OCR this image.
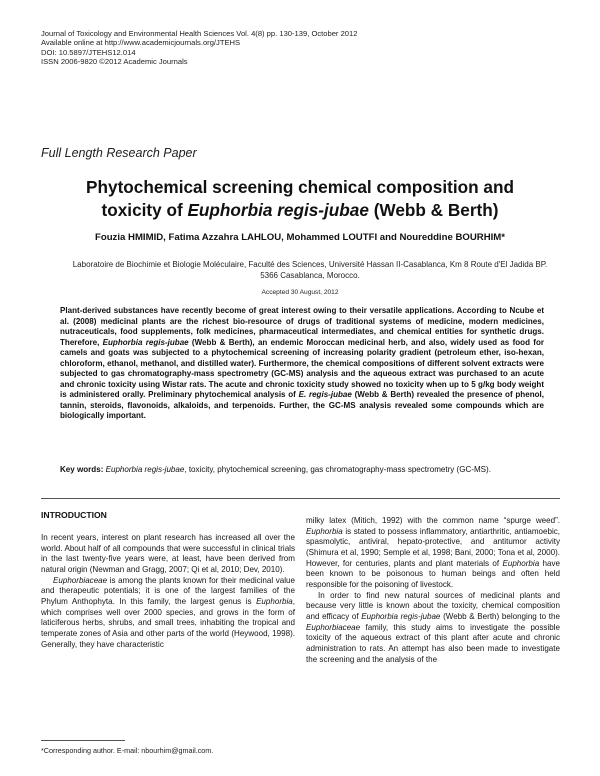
Journal of Toxicology and Environmental Health Sciences Vol. 4(8) pp. 130-139, October 2012
Available online at http://www.academicjournals.org/JTEHS
DOI: 10.5897/JTEHS12.014
ISSN 2006-9820 ©2012 Academic Journals
Full Length Research Paper
Phytochemical screening chemical composition and
toxicity of Euphorbia regis-jubae (Webb & Berth)
Fouzia HMIMID, Fatima Azzahra LAHLOU, Mohammed LOUTFI and Noureddine BOURHIM*
Laboratoire de Biochimie et Biologie Moléculaire, Faculté des Sciences, Université Hassan II-Casablanca, Km 8 Route d'El Jadida BP. 5366 Casablanca, Morocco.
Accepted 30 August, 2012
Plant-derived substances have recently become of great interest owing to their versatile applications. According to Ncube et al. (2008) medicinal plants are the richest bio-resource of drugs of traditional systems of medicine, modern medicines, nutraceuticals, food supplements, folk medicines, pharmaceutical intermediates, and chemical entities for synthetic drugs. Therefore, Euphorbia regis-jubae (Webb & Berth), an endemic Moroccan medicinal herb, and also, widely used as food for camels and goats was subjected to a phytochemical screening of increasing polarity gradient (petroleum ether, iso-hexan, chloroform, ethanol, methanol, and distilled water). Furthermore, the chemical compositions of different solvent extracts were subjected to gas chromatography-mass spectrometry (GC-MS) analysis and the aqueous extract was purchased to an acute and chronic toxicity using Wistar rats. The acute and chronic toxicity study showed no toxicity when up to 5 g/kg body weight is administered orally. Preliminary phytochemical analysis of E. regis-jubae (Webb & Berth) revealed the presence of phenol, tannin, steroids, flavonoids, alkaloids, and terpenoids. Further, the GC-MS analysis revealed some compounds which are biologically important.
Key words: Euphorbia regis-jubae, toxicity, phytochemical screening, gas chromatography-mass spectrometry (GC-MS).
INTRODUCTION

In recent years, interest on plant research has increased all over the world. About half of all compounds that were successful in clinical trials in the last twenty-five years were, at least, have been derived from natural origin (Newman and Gragg, 2007; Qi et al, 2010; Dev, 2010).

Euphorbiaceae is among the plants known for their medicinal value and therapeutic potentials; it is one of the largest families of the Phylum Anthophyta. In this family, the largest genus is Euphorbia, which comprises well over 2000 species, and grows in the form of laticiferous herbs, shrubs, and small trees, inhabiting the tropical and temperate zones of Asia and other parts of the world (Heywood, 1998). Generally, they have characteristic

milky latex (Mitich, 1992) with the common name “spurge weed”. Euphorbia is stated to possess inflammatory, antiarthritic, antiamoebic, spasmolytic, antiviral, hepato-protective, and antitumor activity (Shimura et al, 1990; Semple et al, 1998; Bani, 2000; Tona et al, 2000). However, for centuries, plants and plant materials of Euphorbia have been known to be poisonous to human beings and often held responsible for the poisoning of livestock.

In order to find new natural sources of medicinal plants and because very little is known about the toxicity, chemical composition and efficacy of Euphorbia regis-jubae (Webb & Berth) belonging to the Euphorbiaceae family, this study aims to investigate the possible toxicity of the aqueous extract of this plant after acute and chronic administration to rats. An attempt has also been made to investigate the screening and the analysis of the

*Corresponding author. E-mail: nbourhim@gmail.com.
